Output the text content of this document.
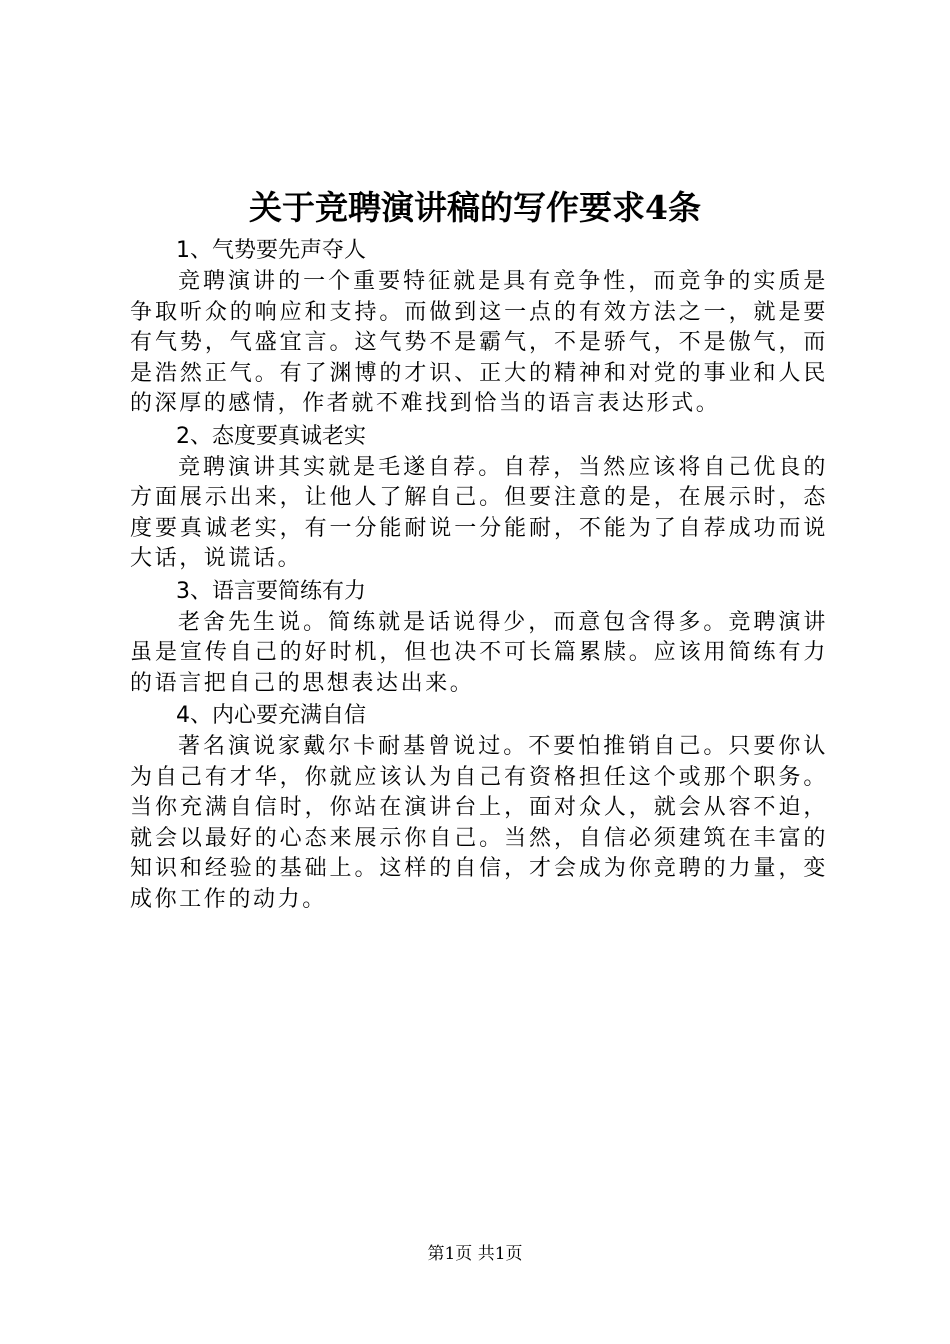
关于竞聘演讲稿的写作要求4条
1、气势要先声夺人

竞聘演讲的一个重要特征就是具有竞争性，而竞争的实质是争取听众的响应和支持。而做到这一点的有效方法之一，就是要有气势，气盛宜言。这气势不是霸气，不是骄气，不是傲气，而是浩然正气。有了渊博的才识、正大的精神和对党的事业和人民的深厚的感情，作者就不难找到恰当的语言表达形式。

2、态度要真诚老实

竞聘演讲其实就是毛遂自荐。自荐，当然应该将自己优良的方面展示出来，让他人了解自己。但要注意的是，在展示时，态度要真诚老实，有一分能耐说一分能耐，不能为了自荐成功而说大话，说谎话。

3、语言要简练有力

老舍先生说。简练就是话说得少，而意包含得多。竞聘演讲虽是宣传自己的好时机，但也决不可长篇累牍。应该用简练有力的语言把自己的思想表达出来。

4、内心要充满自信

著名演说家戴尔卡耐基曾说过。不要怕推销自己。只要你认为自己有才华，你就应该认为自己有资格担任这个或那个职务。当你充满自信时，你站在演讲台上，面对众人，就会从容不迫，就会以最好的心态来展示你自己。当然，自信必须建筑在丰富的知识和经验的基础上。这样的自信，才会成为你竞聘的力量，变成你工作的动力。

第1页 共1页
